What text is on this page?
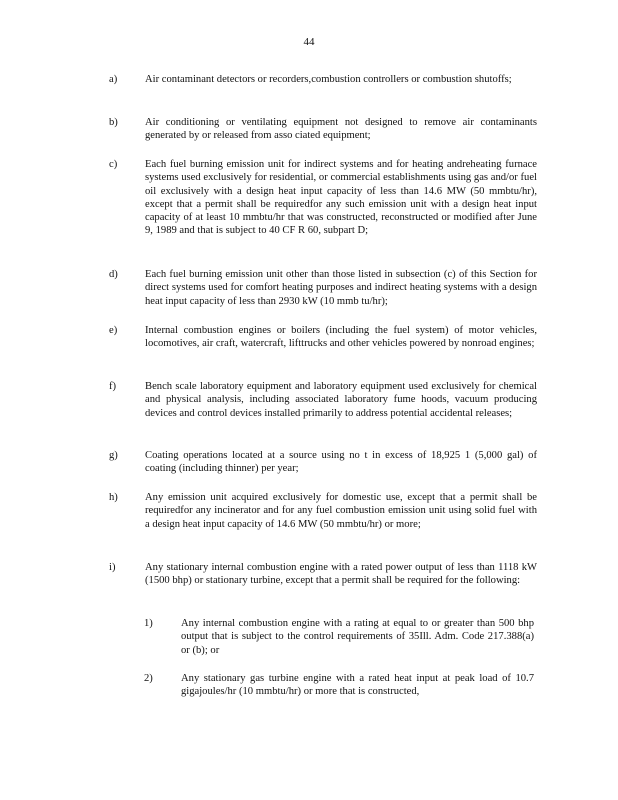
44
a)	Air contaminant detectors or recorders,combustion controllers or combustion shutoffs;
b)	Air conditioning or ventilating equipment not designed to remove air contaminants generated by or released from asso ciated equipment;
c)	Each fuel burning emission unit for indirect systems and for heating andreheating furnace systems used exclusively for residential, or commercial establishments using gas and/or fuel oil exclusively with a design heat input capacity of less than 14.6 MW (50 mmbtu/hr), except that a permit shall be requiredfor any such emission unit with a design heat input capacity of at least 10 mmbtu/hr that was constructed, reconstructed or modified after June 9, 1989 and that is subject to 40 CF R 60, subpart D;
d)	Each fuel burning emission unit other than those listed in subsection (c) of this Section for direct systems used for comfort heating purposes and indirect heating systems with a design heat input capacity of less than 2930 kW (10 mmb tu/hr);
e)	Internal combustion engines or boilers (including the fuel system) of motor vehicles, locomotives, air craft, watercraft, lifttrucks and other vehicles powered by nonroad engines;
f)	Bench scale laboratory equipment and laboratory equipment used exclusively for chemical and physical analysis, including associated laboratory fume hoods, vacuum producing devices and control devices installed primarily to address potential accidental releases;
g)	Coating operations located at a source using no t in excess of 18,925 1 (5,000 gal) of coating (including thinner) per year;
h)	Any emission unit acquired exclusively for domestic use, except that a permit shall be requiredfor any incinerator and for any fuel combustion emission unit using solid fuel with a design heat input capacity of 14.6 MW (50 mmbtu/hr) or more;
i)	Any stationary internal combustion engine with a rated power output of less than 1118 kW (1500 bhp) or stationary turbine, except that a permit shall be required for the following:
1)	Any internal combustion engine with a rating at equal to or greater than 500 bhp output that is subject to the control requirements of 35Ill. Adm. Code 217.388(a) or (b); or
2)	Any stationary gas turbine engine with a rated heat input at peak load of 10.7 gigajoules/hr (10 mmbtu/hr) or more that is constructed,
